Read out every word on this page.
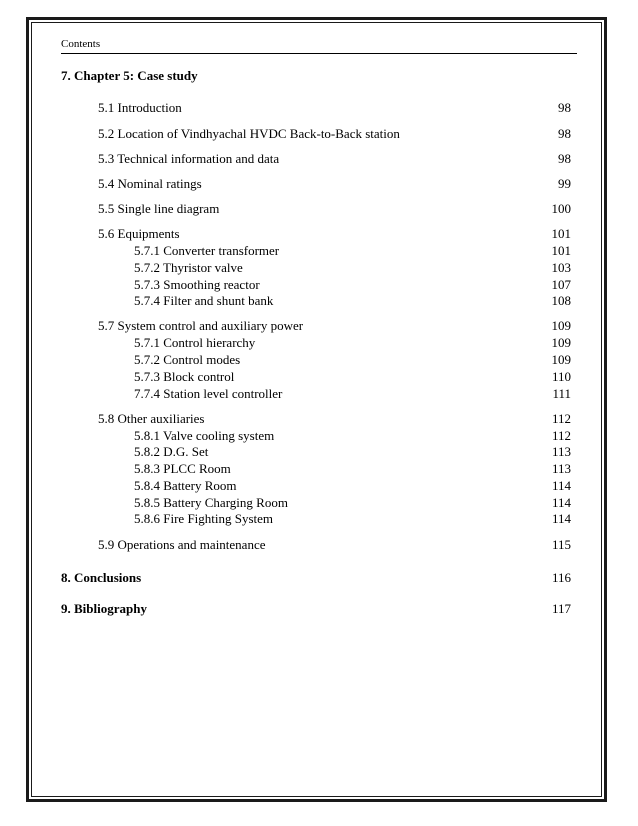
Contents
7. Chapter 5: Case study
5.1 Introduction	98
5.2 Location of Vindhyachal HVDC Back-to-Back station	98
5.3 Technical information and data	98
5.4 Nominal ratings	99
5.5 Single line diagram	100
5.6 Equipments	101
5.7.1 Converter transformer	101
5.7.2 Thyristor valve	103
5.7.3 Smoothing reactor	107
5.7.4 Filter and shunt bank	108
5.7 System control and auxiliary power	109
5.7.1 Control hierarchy	109
5.7.2 Control modes	109
5.7.3 Block control	110
7.7.4 Station level controller	111
5.8 Other auxiliaries	112
5.8.1 Valve cooling system	112
5.8.2 D.G. Set	113
5.8.3 PLCC Room	113
5.8.4 Battery Room	114
5.8.5 Battery Charging Room	114
5.8.6 Fire Fighting System	114
5.9 Operations and maintenance	115
8. Conclusions	116
9. Bibliography	117
